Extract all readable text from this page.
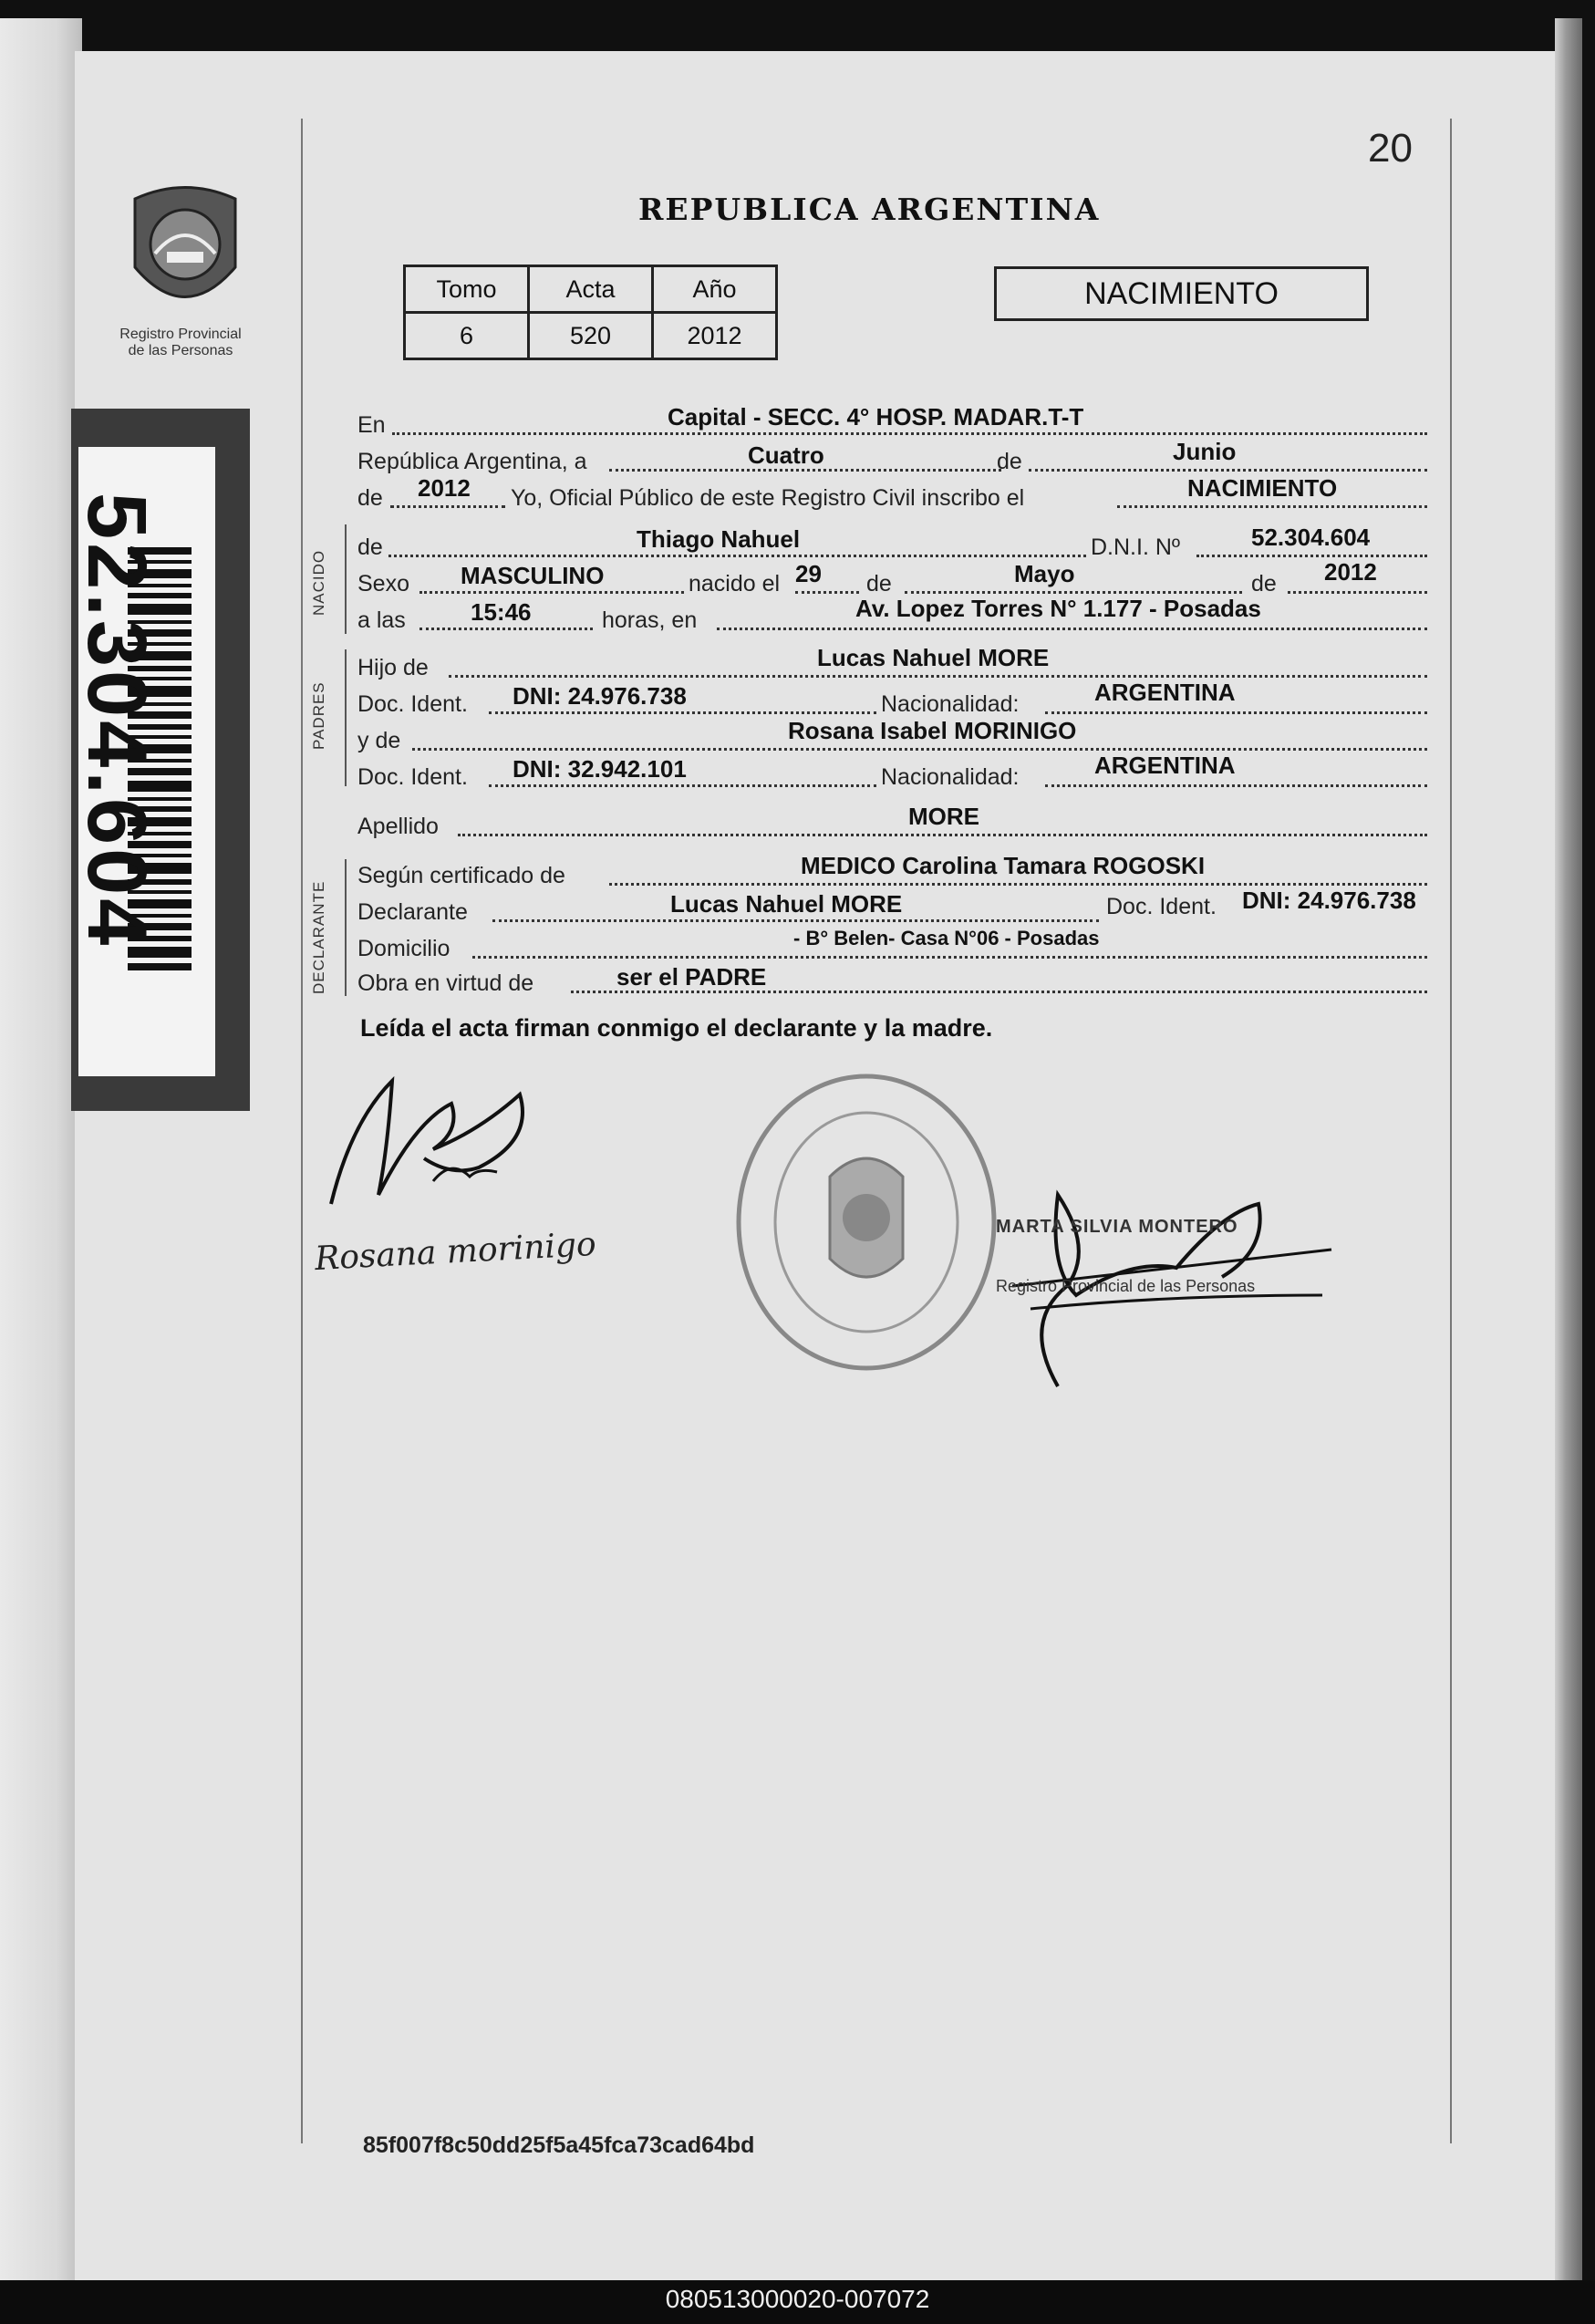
Registro Provincial
de las Personas
52.304.604
20
REPUBLICA ARGENTINA
Tomo	Acta	Año
6	520	2012
NACIMIENTO
En	Capital - SECC. 4° HOSP. MADAR.T-T
República Argentina, a	Cuatro	de	Junio
de 2012 Yo, Oficial Público de este Registro Civil inscribo el	NACIMIENTO
NACIDO
de	Thiago Nahuel	D.N.I. Nº	52.304.604
Sexo MASCULINO	nacido el 29 de	Mayo	de 2012
a las	15:46	horas, en	Av. Lopez Torres N° 1.177 - Posadas
PADRES
Hijo de	Lucas Nahuel MORE
Doc. Ident. DNI: 24.976.738	Nacionalidad:	ARGENTINA
y de	Rosana Isabel MORINIGO
Doc. Ident. DNI: 32.942.101	Nacionalidad:	ARGENTINA
Apellido	MORE
DECLARANTE
Según certificado de	MEDICO Carolina Tamara ROGOSKI
Declarante	Lucas Nahuel MORE	Doc. Ident. DNI: 24.976.738
Domicilio	- B° Belen- Casa N°06 - Posadas
Obra en virtud de	ser el PADRE
Leída el acta firman conmigo el declarante y la madre.
Rosana morinigo	MARTA SILVIA MONTERO
Registro Provincial de las Personas
85f007f8c50dd25f5a45fca73cad64bd
080513000020-007072
